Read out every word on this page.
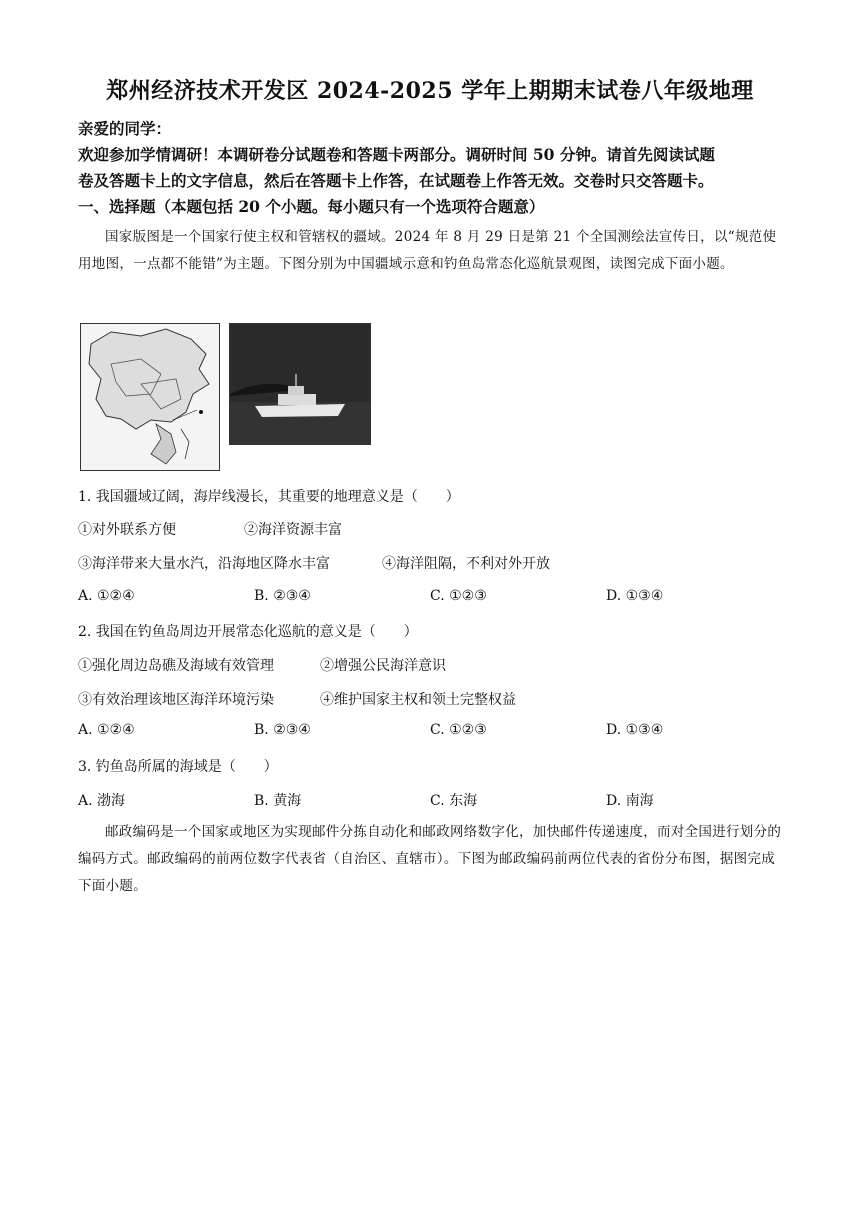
郑州经济技术开发区 2024-2025 学年上期期末试卷八年级地理
亲爱的同学：
欢迎参加学情调研！本调研卷分试题卷和答题卡两部分。调研时间 50 分钟。请首先阅读试题
卷及答题卡上的文字信息，然后在答题卡上作答，在试题卷上作答无效。交卷时只交答题卡。
一、选择题（本题包括 20 个小题。每小题只有一个选项符合题意）
国家版图是一个国家行使主权和管辖权的疆域。2024 年 8 月 29 日是第 21 个全国测绘法宣传日，以“规范使用地图，一点都不能错”为主题。下图分别为中国疆域示意和钓鱼岛常态化巡航景观图，读图完成下面小题。
1. 我国疆域辽阔，海岸线漫长，其重要的地理意义是（　　）
①对外联系方便	②海洋资源丰富
③海洋带来大量水汽，沿海地区降水丰富	④海洋阻隔，不利对外开放
A. ①②④	B. ②③④	C. ①②③	D. ①③④
2. 我国在钓鱼岛周边开展常态化巡航的意义是（　　）
①强化周边岛礁及海域有效管理	②增强公民海洋意识
③有效治理该地区海洋环境污染	④维护国家主权和领土完整权益
A. ①②④	B. ②③④	C. ①②③	D. ①③④
3. 钓鱼岛所属的海域是（　　）
A. 渤海	B. 黄海	C. 东海	D. 南海
邮政编码是一个国家或地区为实现邮件分拣自动化和邮政网络数字化，加快邮件传递速度，而对全国进行划分的编码方式。邮政编码的前两位数字代表省（自治区、直辖市）。下图为邮政编码前两位代表的省份分布图，据图完成下面小题。
